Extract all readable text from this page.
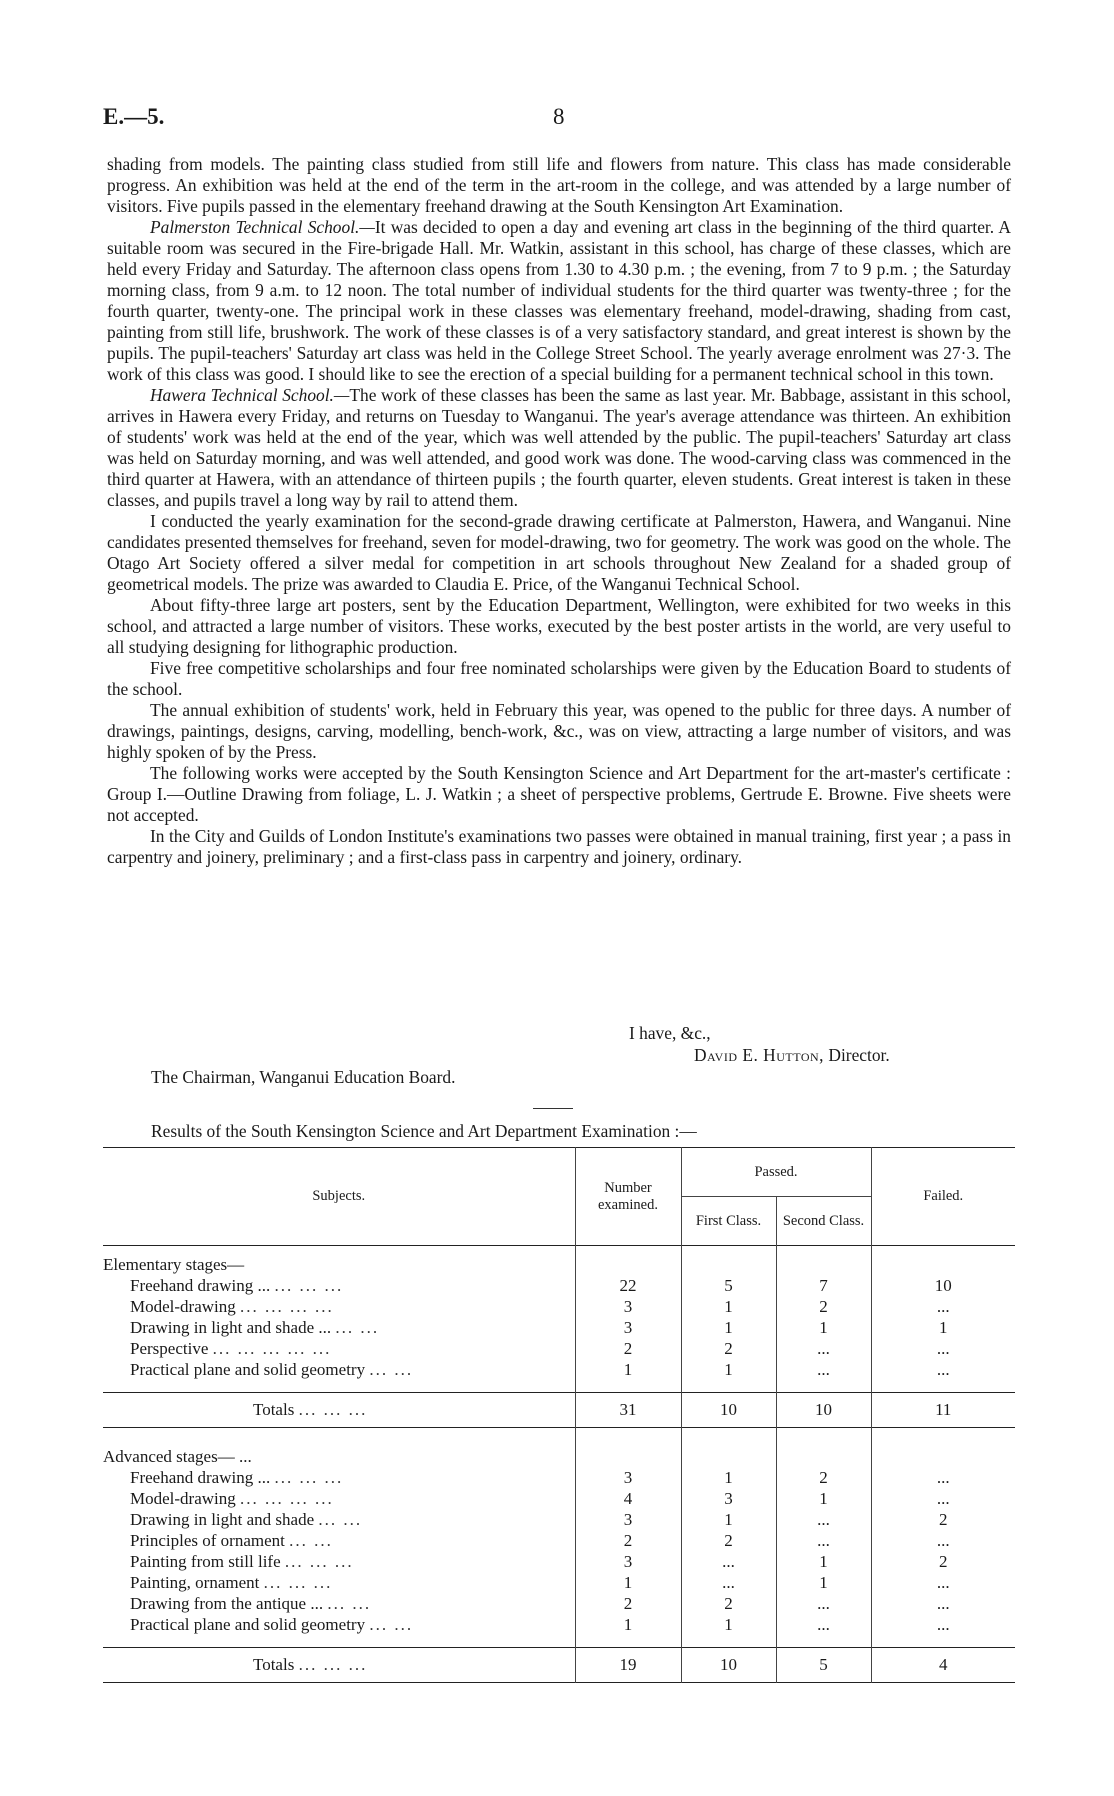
E.—5.	8

shading from models. The painting class studied from still life and flowers from nature. This class has made considerable progress. An exhibition was held at the end of the term in the art-room in the college, and was attended by a large number of visitors. Five pupils passed in the elementary freehand drawing at the South Kensington Art Examination.

Palmerston Technical School.—It was decided to open a day and evening art class in the beginning of the third quarter. A suitable room was secured in the Fire-brigade Hall. Mr. Watkin, assistant in this school, has charge of these classes, which are held every Friday and Saturday. The afternoon class opens from 1.30 to 4.30 p.m. ; the evening, from 7 to 9 p.m. ; the Saturday morning class, from 9 a.m. to 12 noon. The total number of individual students for the third quarter was twenty-three ; for the fourth quarter, twenty-one. The principal work in these classes was elementary freehand, model-drawing, shading from cast, painting from still life, brushwork. The work of these classes is of a very satisfactory standard, and great interest is shown by the pupils. The pupil-teachers' Saturday art class was held in the College Street School. The yearly average enrolment was 27·3. The work of this class was good. I should like to see the erection of a special building for a permanent technical school in this town.

Hawera Technical School.—The work of these classes has been the same as last year. Mr. Babbage, assistant in this school, arrives in Hawera every Friday, and returns on Tuesday to Wanganui. The year's average attendance was thirteen. An exhibition of students' work was held at the end of the year, which was well attended by the public. The pupil-teachers' Saturday art class was held on Saturday morning, and was well attended, and good work was done. The wood-carving class was commenced in the third quarter at Hawera, with an attendance of thirteen pupils ; the fourth quarter, eleven students. Great interest is taken in these classes, and pupils travel a long way by rail to attend them.

I conducted the yearly examination for the second-grade drawing certificate at Palmerston, Hawera, and Wanganui. Nine candidates presented themselves for freehand, seven for model-drawing, two for geometry. The work was good on the whole. The Otago Art Society offered a silver medal for competition in art schools throughout New Zealand for a shaded group of geometrical models. The prize was awarded to Claudia E. Price, of the Wanganui Technical School.

About fifty-three large art posters, sent by the Education Department, Wellington, were exhibited for two weeks in this school, and attracted a large number of visitors. These works, executed by the best poster artists in the world, are very useful to all studying designing for lithographic production.

Five free competitive scholarships and four free nominated scholarships were given by the Education Board to students of the school.

The annual exhibition of students' work, held in February this year, was opened to the public for three days. A number of drawings, paintings, designs, carving, modelling, bench-work, &c., was on view, attracting a large number of visitors, and was highly spoken of by the Press.

The following works were accepted by the South Kensington Science and Art Department for the art-master's certificate : Group I.—Outline Drawing from foliage, L. J. Watkin ; a sheet of perspective problems, Gertrude E. Browne. Five sheets were not accepted.

In the City and Guilds of London Institute's examinations two passes were obtained in manual training, first year ; a pass in carpentry and joinery, preliminary ; and a first-class pass in carpentry and joinery, ordinary.

I have, &c.,
David E. Hutton, Director.
The Chairman, Wanganui Education Board.
Results of the South Kensington Science and Art Department Examination :—
Subjects.	Number examined.	Passed.		Failed.
		First Class.	Second Class.	

Elementary stages—				
Freehand drawing ... ... ... ...	22	5	7	10
Model-drawing ... ... ... ...	3	1	2	...
Drawing in light and shade ... ... ...	3	1	1	1
Perspective ... ... ... ... ...	2	2	...	...
Practical plane and solid geometry ... ...	1	1	...	...

Totals ... ... ...	31	10	10	11

Advanced stages— ...				
Freehand drawing ... ... ... ...	3	1	2	...
Model-drawing ... ... ... ...	4	3	1	...
Drawing in light and shade ... ...	3	1	...	2
Principles of ornament ... ...	2	2	...	...
Painting from still life ... ... ...	3	...	1	2
Painting, ornament ... ... ...	1	...	1	...
Drawing from the antique ... ... ...	2	2	...	...
Practical plane and solid geometry ... ...	1	1	...	...

Totals ... ... ...	19	10	5	4
